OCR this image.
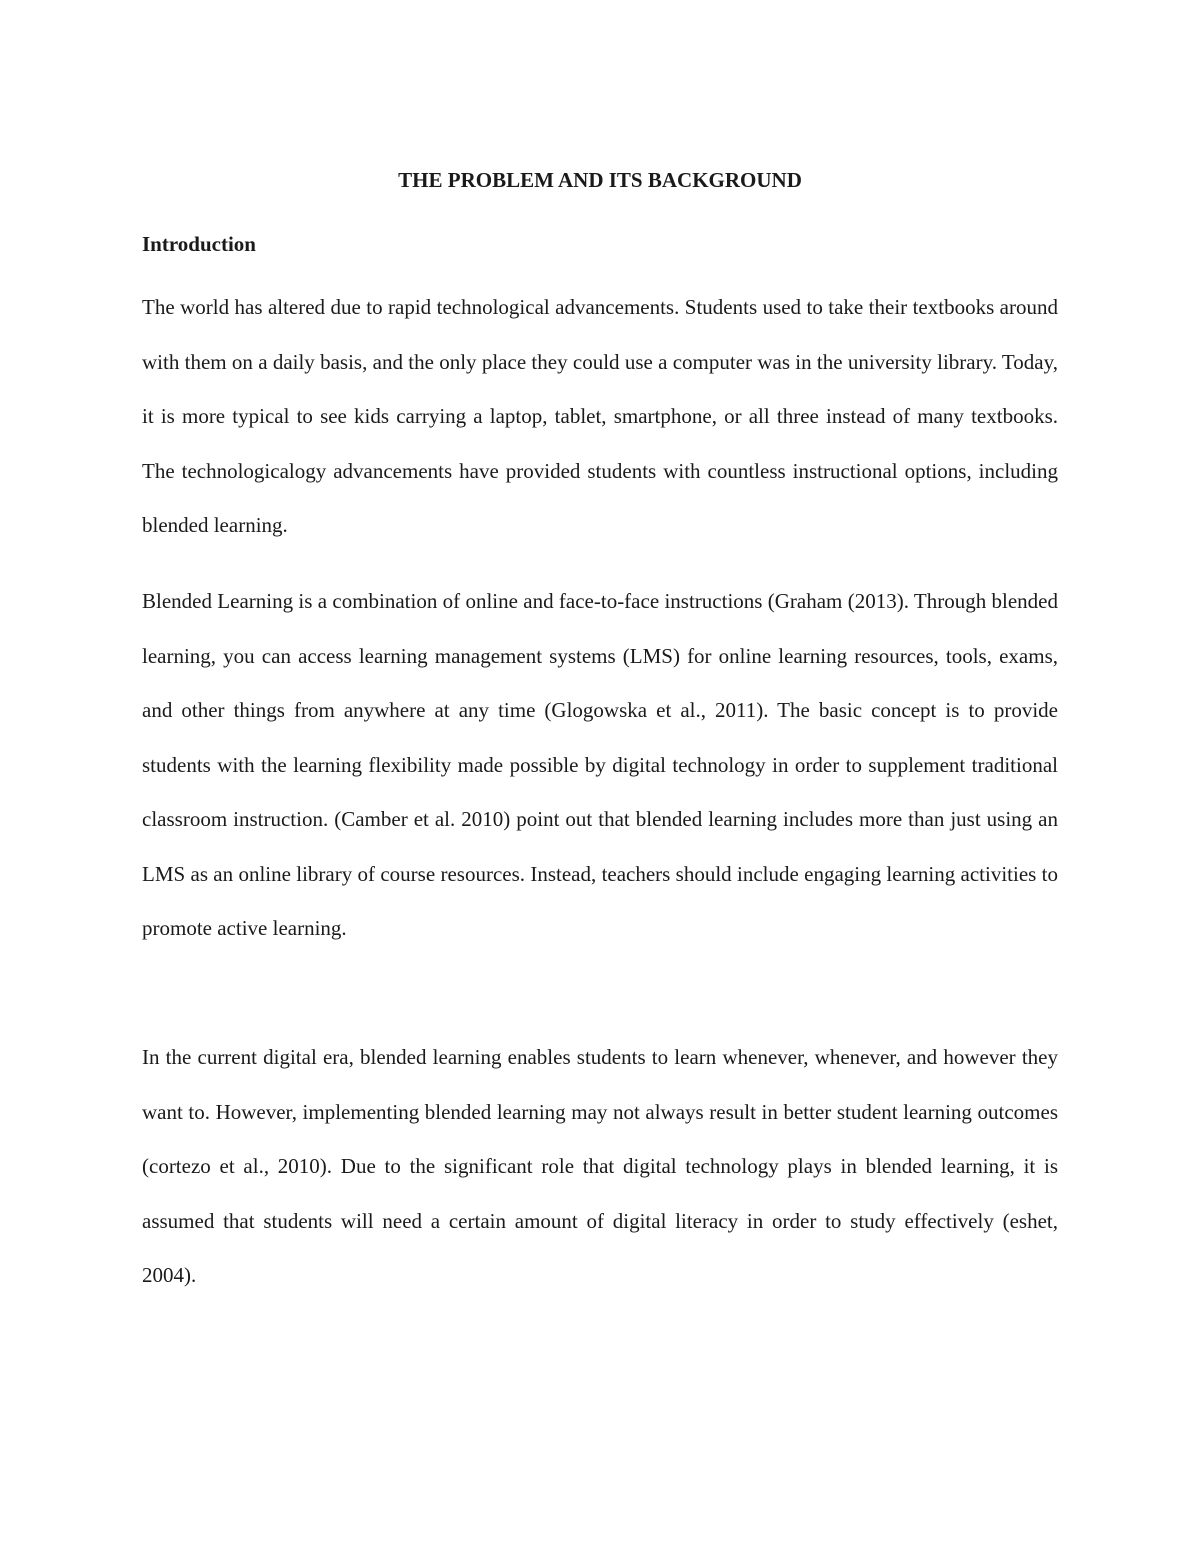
THE PROBLEM AND ITS BACKGROUND
Introduction

The world has altered due to rapid technological advancements. Students used to take their textbooks around with them on a daily basis, and the only place they could use a computer was in the university library. Today, it is more typical to see kids carrying a laptop, tablet, smartphone, or all three instead of many textbooks. The technologicalogy advancements have provided students with countless instructional options, including blended learning.

Blended Learning is a combination of online and face-to-face instructions (Graham (2013). Through blended learning, you can access learning management systems (LMS) for online learning resources, tools, exams, and other things from anywhere at any time (Glogowska et al., 2011). The basic concept is to provide students with the learning flexibility made possible by digital technology in order to supplement traditional classroom instruction. (Camber et al. 2010) point out that blended learning includes more than just using an LMS as an online library of course resources. Instead, teachers should include engaging learning activities to promote active learning.

In the current digital era, blended learning enables students to learn whenever, whenever, and however they want to. However, implementing blended learning may not always result in better student learning outcomes (cortezo et al., 2010). Due to the significant role that digital technology plays in blended learning, it is assumed that students will need a certain amount of digital literacy in order to study effectively (eshet, 2004).
